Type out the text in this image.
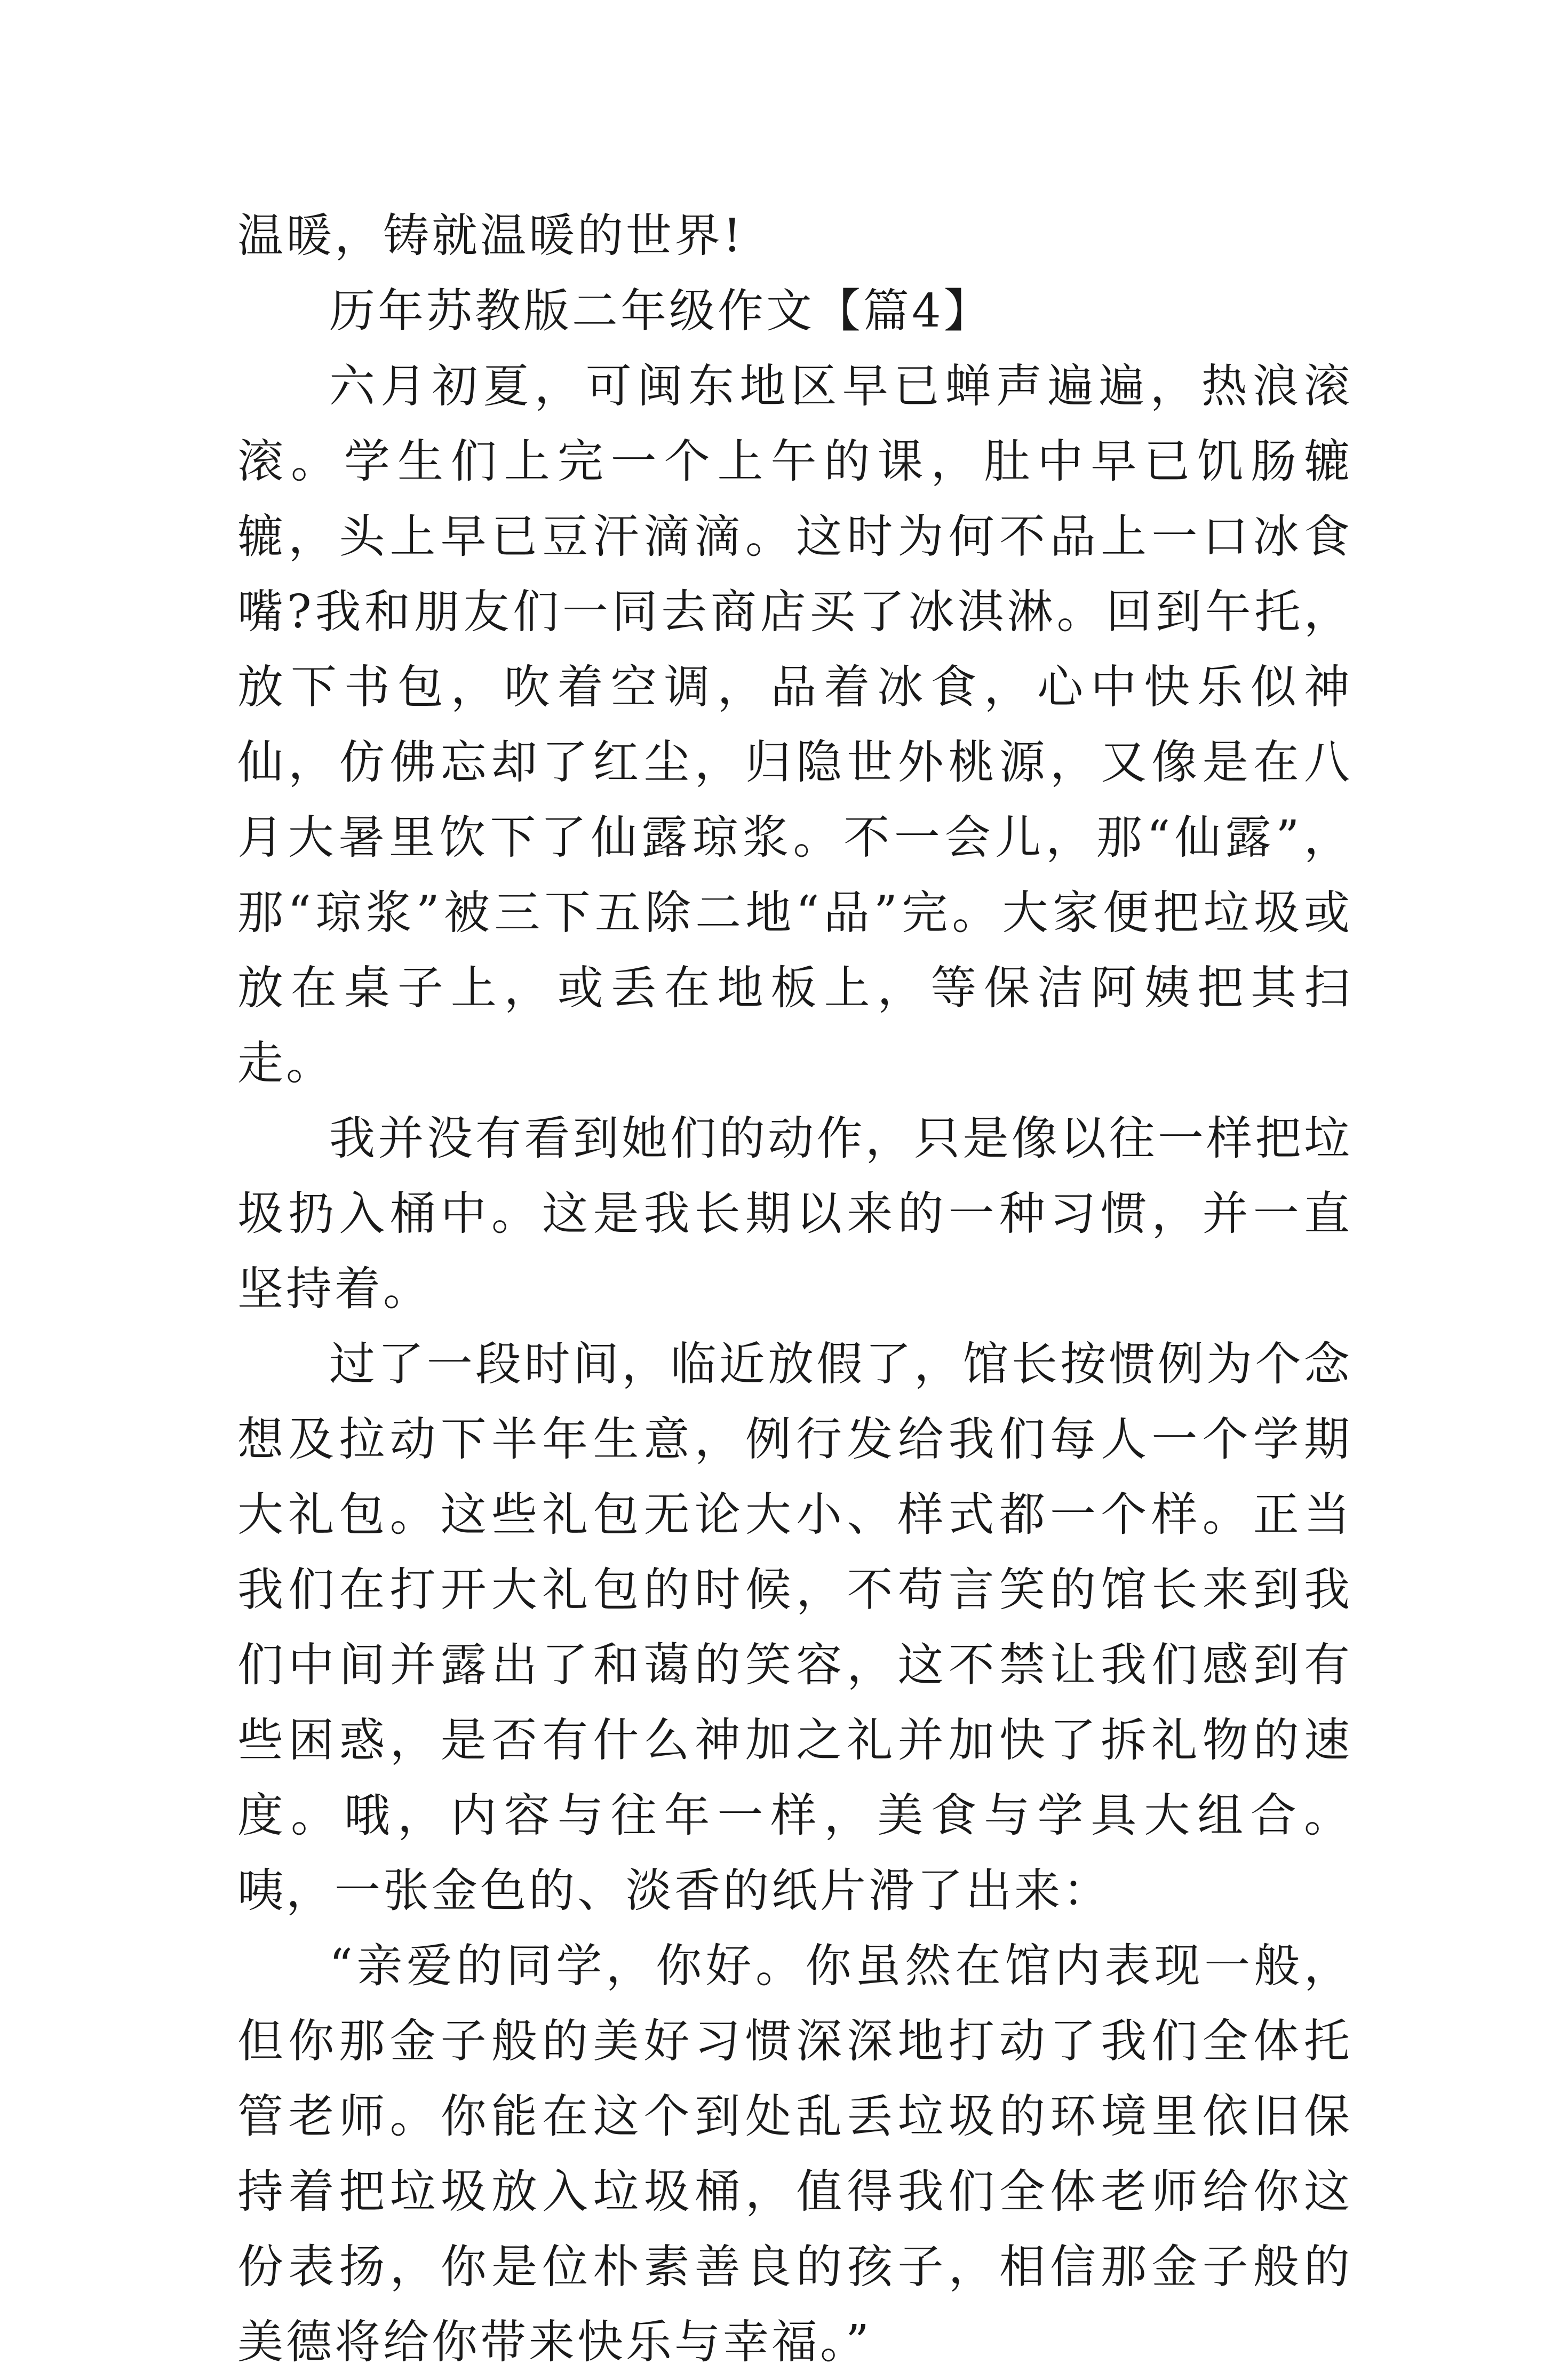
温暖，铸就温暖的世界!

历年苏教版二年级作文【篇4】

六月初夏，可闽东地区早已蝉声遍遍，热浪滚滚。学生们上完一个上午的课，肚中早已饥肠辘辘，头上早已豆汗滴滴。这时为何不品上一口冰食嘴?我和朋友们一同去商店买了冰淇淋。回到午托，放下书包，吹着空调，品着冰食，心中快乐似神仙，仿佛忘却了红尘，归隐世外桃源，又像是在八月大暑里饮下了仙露琼浆。不一会儿，那“仙露”，那“琼浆”被三下五除二地“品”完。大家便把垃圾或放在桌子上，或丢在地板上，等保洁阿姨把其扫走。

我并没有看到她们的动作，只是像以往一样把垃圾扔入桶中。这是我长期以来的一种习惯，并一直坚持着。

过了一段时间，临近放假了，馆长按惯例为个念想及拉动下半年生意，例行发给我们每人一个学期大礼包。这些礼包无论大小、样式都一个样。正当我们在打开大礼包的时候，不苟言笑的馆长来到我们中间并露出了和蔼的笑容，这不禁让我们感到有些困惑，是否有什么神加之礼并加快了拆礼物的速度。哦，内容与往年一样，美食与学具大组合。咦，一张金色的、淡香的纸片滑了出来：

“亲爱的同学，你好。你虽然在馆内表现一般，但你那金子般的美好习惯深深地打动了我们全体托管老师。你能在这个到处乱丢垃圾的环境里依旧保持着把垃圾放入垃圾桶，值得我们全体老师给你这份表扬，你是位朴素善良的孩子，相信那金子般的美德将给你带来快乐与幸福。”
